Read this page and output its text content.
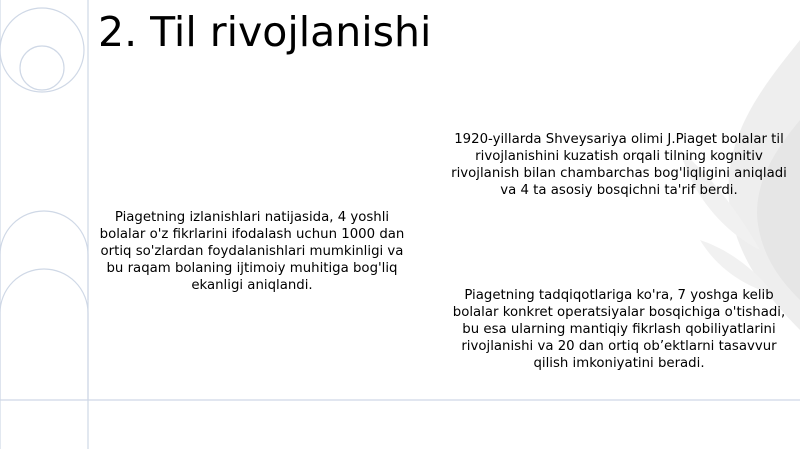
2. Til rivojlanishi

Piagetning izlanishlari natijasida, 4 yoshli bolalar o'z fikrlarini ifodalash uchun 1000 dan ortiq so'zlardan foydalanishlari mumkinligi va bu raqam bolaning ijtimoiy muhitiga bog'liq ekanligi aniqlandi.

1920-yillarda Shveysariya olimi J.Piaget bolalar til rivojlanishini kuzatish orqali tilning kognitiv rivojlanish bilan chambarchas bog'liqligini aniqladi va 4 ta asosiy bosqichni ta'rif berdi.

Piagetning tadqiqotlariga ko'ra, 7 yoshga kelib bolalar konkret operatsiyalar bosqichiga o'tishadi, bu esa ularning mantiqiy fikrlash qobiliyatlarini rivojlanishi va 20 dan ortiq ob’ektlarni tasavvur qilish imkoniyatini beradi.
